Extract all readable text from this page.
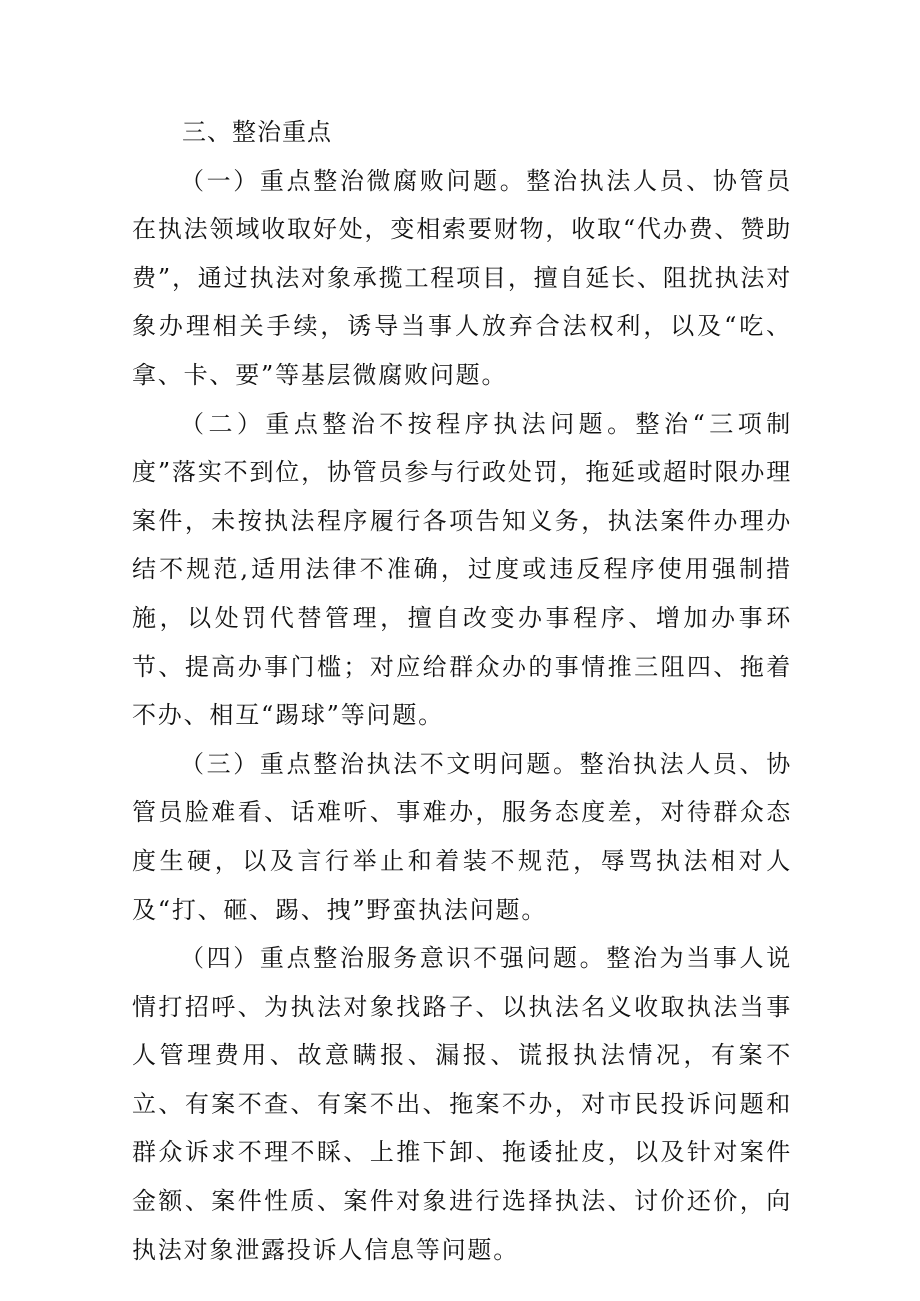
三、整治重点

（一）重点整治微腐败问题。整治执法人员、协管员在执法领域收取好处，变相索要财物，收取“代办费、赞助费”，通过执法对象承揽工程项目，擅自延长、阻扰执法对象办理相关手续，诱导当事人放弃合法权利，以及“吃、拿、卡、要”等基层微腐败问题。

（二）重点整治不按程序执法问题。整治“三项制度”落实不到位，协管员参与行政处罚，拖延或超时限办理案件，未按执法程序履行各项告知义务，执法案件办理办结不规范,适用法律不准确，过度或违反程序使用强制措施，以处罚代替管理，擅自改变办事程序、增加办事环节、提高办事门槛；对应给群众办的事情推三阻四、拖着不办、相互“踢球”等问题。

（三）重点整治执法不文明问题。整治执法人员、协管员脸难看、话难听、事难办，服务态度差，对待群众态度生硬，以及言行举止和着装不规范，辱骂执法相对人及“打、砸、踢、拽”野蛮执法问题。

（四）重点整治服务意识不强问题。整治为当事人说情打招呼、为执法对象找路子、以执法名义收取执法当事人管理费用、故意瞒报、漏报、谎报执法情况，有案不立、有案不查、有案不出、拖案不办，对市民投诉问题和群众诉求不理不睬、上推下卸、拖诿扯皮，以及针对案件金额、案件性质、案件对象进行选择执法、讨价还价，向执法对象泄露投诉人信息等问题。
